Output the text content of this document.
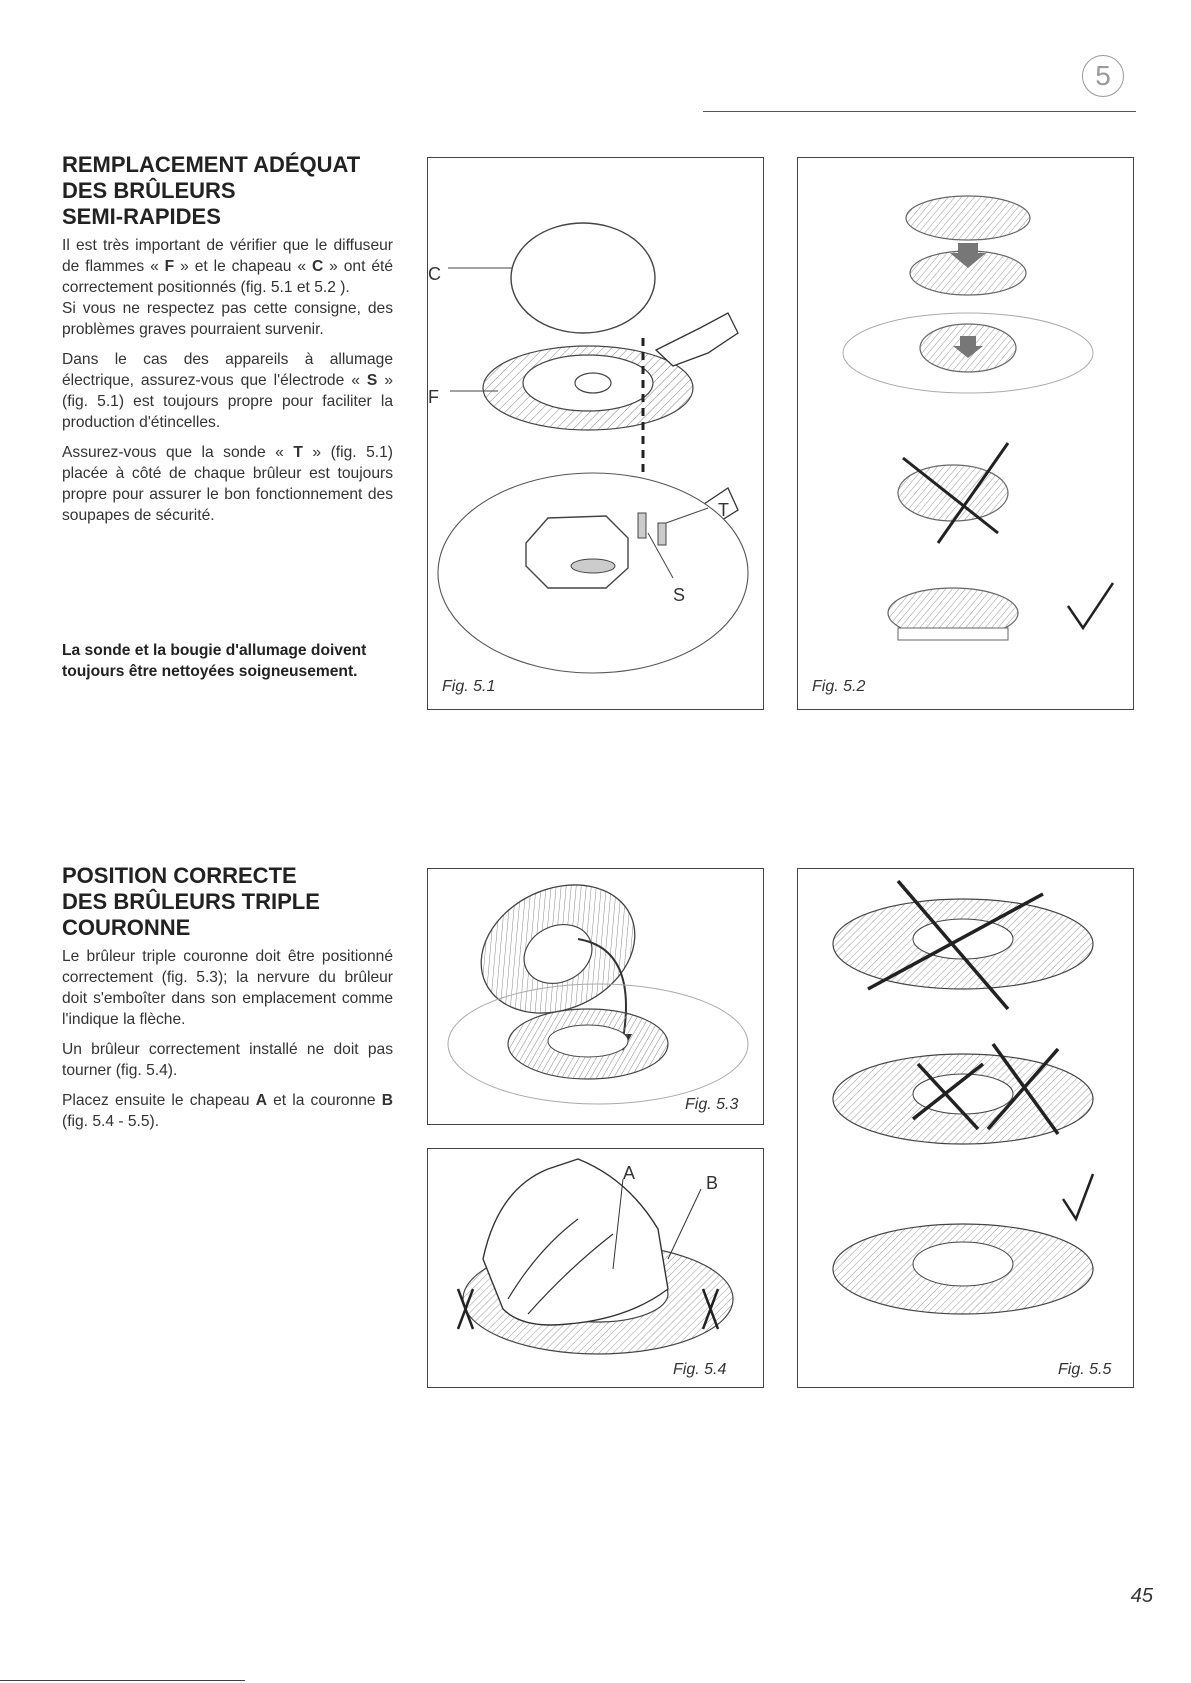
5
REMPLACEMENT ADÉQUAT
DES BRÛLEURS
SEMI-RAPIDES

Il est très important de vérifier que le diffuseur de flammes « F » et le chapeau « C » ont été correctement positionnés (fig. 5.1 et 5.2 ).

Si vous ne respectez pas cette consigne, des problèmes graves pourraient survenir.

Dans le cas des appareils à allumage électrique, assurez-vous que l'électrode « S » (fig. 5.1) est toujours propre pour faciliter la production d'étincelles.

Assurez-vous que la sonde « T » (fig. 5.1) placée à côté de chaque brûleur est toujours propre pour assurer le bon fonctionnement des soupapes de sécurité.

La sonde et la bougie d'allumage doivent toujours être nettoyées soigneusement.
C
F
T
S
Fig. 5.1	Fig. 5.2
POSITION CORRECTE
DES BRÛLEURS TRIPLE
COURONNE

Le brûleur triple couronne doit être positionné correctement (fig. 5.3); la nervure du brûleur doit s'emboîter dans son emplacement comme l'indique la flèche.

Un brûleur correctement installé ne doit pas tourner (fig. 5.4).

Placez ensuite le chapeau A et la couronne B (fig. 5.4 - 5.5).

Fig. 5.3
A	B
Fig. 5.4	Fig. 5.5
45
